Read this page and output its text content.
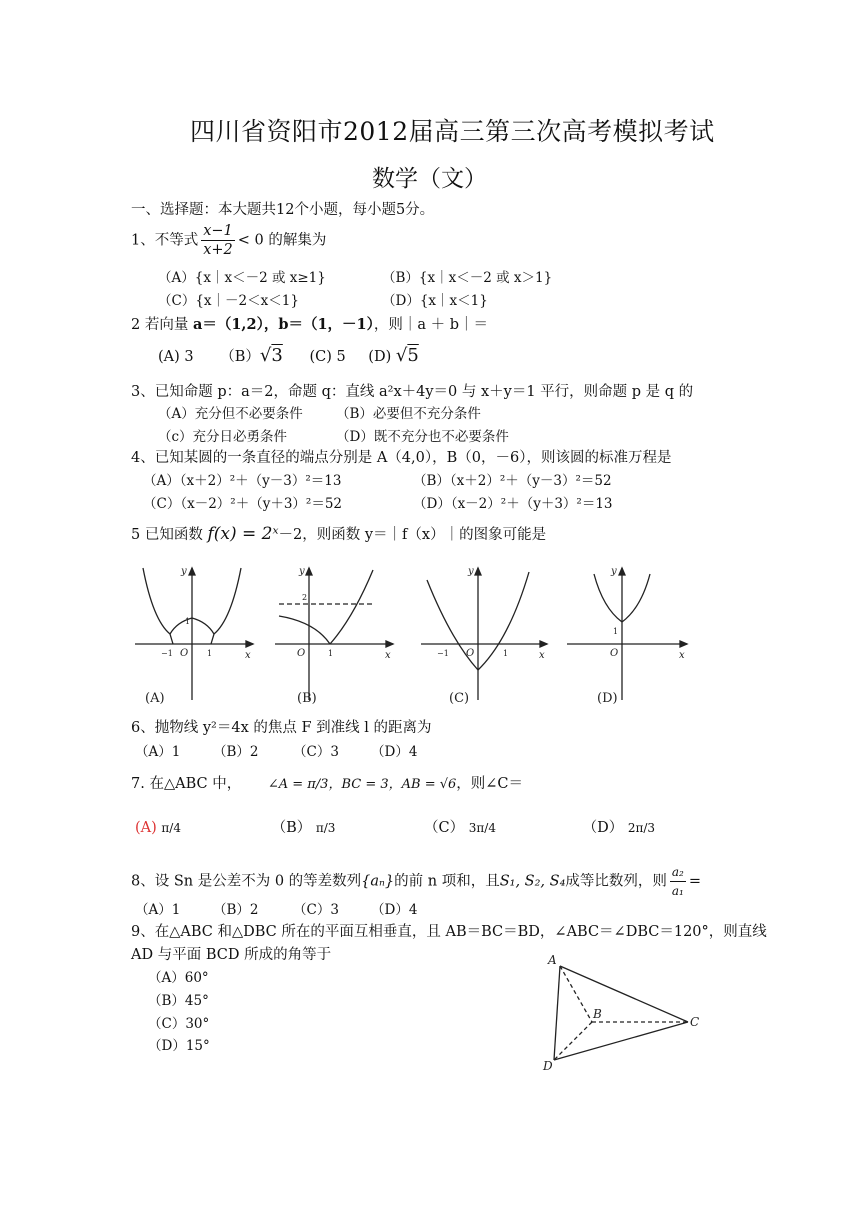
四川省资阳市2012届高三第三次高考模拟考试
数学（文）
一、选择题：本大题共12个小题，每小题5分。
1、不等式 $\frac{x-1}{x+2} < 0$ 的解集为
（A）{x｜x＜－2 或 x≥1}	（B）{x｜x＜－2 或 x＞1}
（C）{x｜－2＜x＜1}	（D）{x｜x＜1}
2 若向量 a＝（1,2），b＝（1，－1），则｜a ＋ b｜＝
(A) 3 （B）√3 (C) 5 (D) √5
3、已知命题 p：a＝2，命题 q：直线 a²x＋4y＝0 与 x＋y＝1 平行，则命题 p 是 q 的
（A）充分但不必要条件 （B）必要但不充分条件
（c）充分日必勇条件	（D）既不充分也不必要条件
4、已知某圆的一条直径的端点分别是 A（4,0），B（0，－6），则该圆的标准万程是
（A）（x＋2）²＋（y－3）²＝13	（B）（x＋2）²＋（y－3）²＝52
（C）（x－2）²＋（y＋3）²＝52	（D）（x－2）²＋（y＋3）²＝13
5 已知函数 f(x) = 2ˣ－2，则函数 y＝｜f（x）｜的图象可能是
y
x
O
−1	1
1
y
x
O	1
2
y
x
O
−1	1
y
x
O
1
(A)	(B)	(C)	(D)
6、抛物线 y²＝4x 的焦点 F 到准线 l 的距离为
（A）1 （B）2	（C）3 （D）4
7. 在△ABC 中， ∠A = π/3，BC = 3，AB = √6，则∠C＝
(A) π/4	（B） π/3	（C） 3π/4	（D） 2π/3
8、设 Sn 是公差不为 0 的等差数列{aₙ}的前 n 项和，且S₁, S₂, S₄成等比数列，则 $\frac{\text{a₂}}{\text{a₁}}$ =
（A）1 （B）2	（C）3 （D）4
9、在△ABC 和△DBC 所在的平面互相垂直，且 AB＝BC＝BD，∠ABC＝∠DBC＝120°，则直线
AD 与平面 BCD 所成的角等于
（A）60°
（B）45°
（C）30°
（D）15°
A
B
C
D
